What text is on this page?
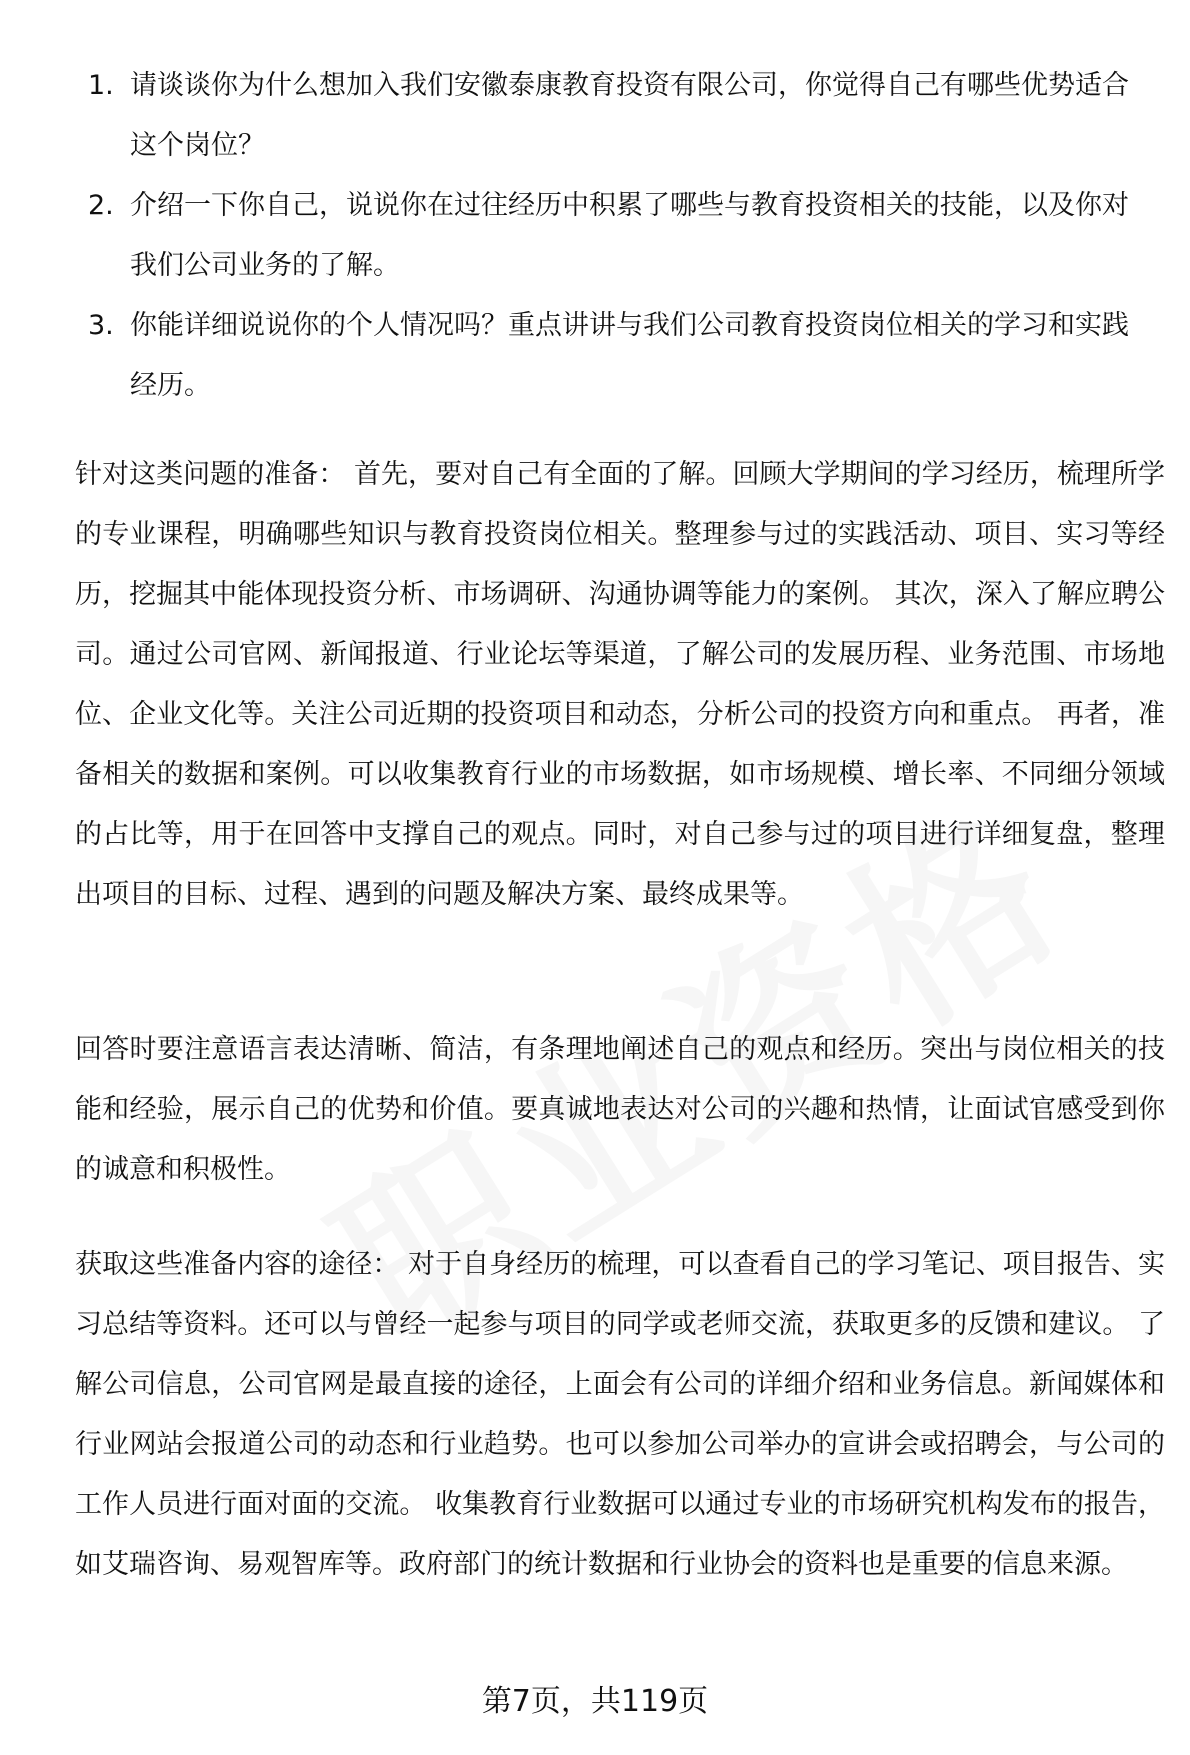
1. 请谈谈你为什么想加入我们安徽泰康教育投资有限公司，你觉得自己有哪些优势适合这个岗位？
2. 介绍一下你自己，说说你在过往经历中积累了哪些与教育投资相关的技能，以及你对我们公司业务的了解。
3. 你能详细说说你的个人情况吗？重点讲讲与我们公司教育投资岗位相关的学习和实践经历。

针对这类问题的准备： 首先，要对自己有全面的了解。回顾大学期间的学习经历，梳理所学的专业课程，明确哪些知识与教育投资岗位相关。整理参与过的实践活动、项目、实习等经历，挖掘其中能体现投资分析、市场调研、沟通协调等能力的案例。 其次，深入了解应聘公司。通过公司官网、新闻报道、行业论坛等渠道，了解公司的发展历程、业务范围、市场地位、企业文化等。关注公司近期的投资项目和动态，分析公司的投资方向和重点。 再者，准备相关的数据和案例。可以收集教育行业的市场数据，如市场规模、增长率、不同细分领域的占比等，用于在回答中支撑自己的观点。同时，对自己参与过的项目进行详细复盘，整理出项目的目标、过程、遇到的问题及解决方案、最终成果等。

回答时要注意语言表达清晰、简洁，有条理地阐述自己的观点和经历。突出与岗位相关的技能和经验，展示自己的优势和价值。要真诚地表达对公司的兴趣和热情，让面试官感受到你的诚意和积极性。

获取这些准备内容的途径： 对于自身经历的梳理，可以查看自己的学习笔记、项目报告、实习总结等资料。还可以与曾经一起参与项目的同学或老师交流，获取更多的反馈和建议。 了解公司信息，公司官网是最直接的途径，上面会有公司的详细介绍和业务信息。新闻媒体和行业网站会报道公司的动态和行业趋势。也可以参加公司举办的宣讲会或招聘会，与公司的工作人员进行面对面的交流。 收集教育行业数据可以通过专业的市场研究机构发布的报告，如艾瑞咨询、易观智库等。政府部门的统计数据和行业协会的资料也是重要的信息来源。

第7页，共119页
